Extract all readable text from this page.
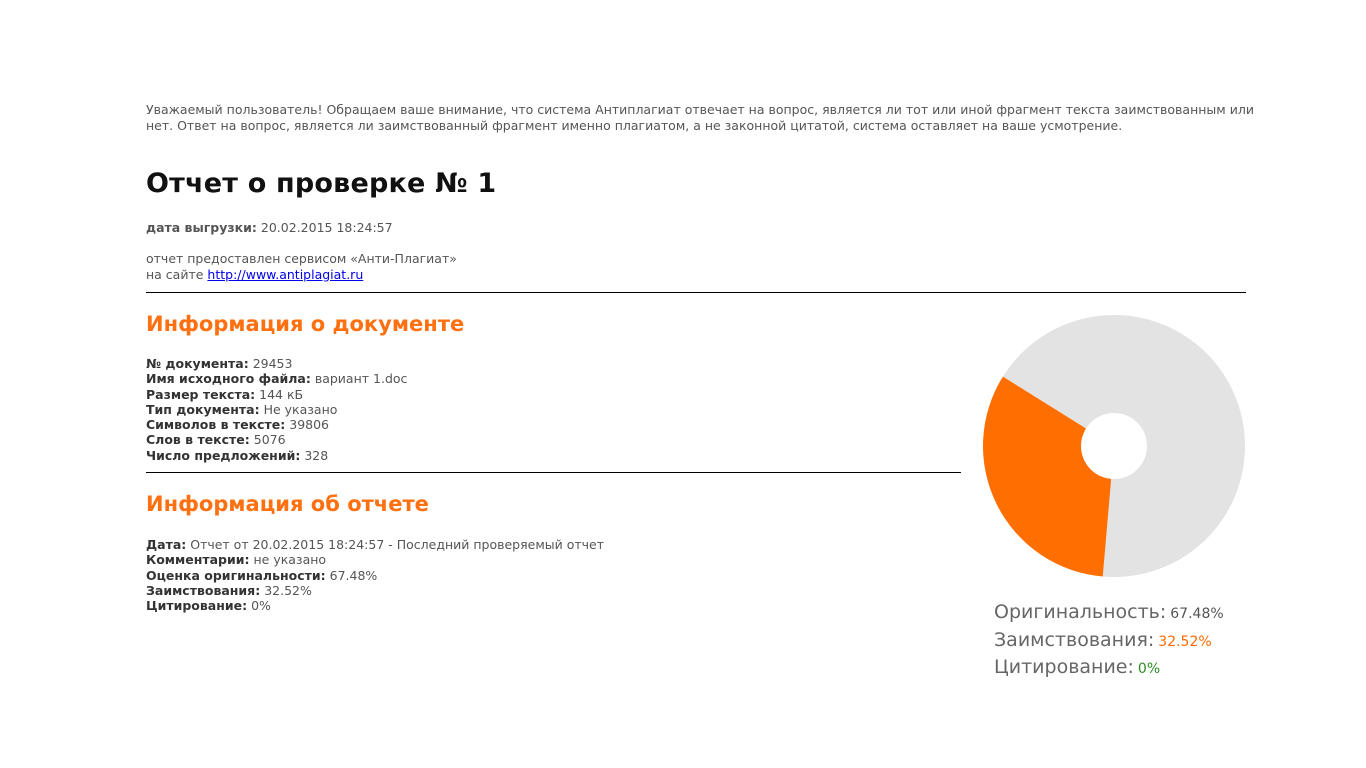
Уважаемый пользователь! Обращаем ваше внимание, что система Антиплагиат отвечает на вопрос, является ли тот или иной фрагмент текста заимствованным или нет. Ответ на вопрос, является ли заимствованный фрагмент именно плагиатом, а не законной цитатой, система оставляет на ваше усмотрение.

Отчет о проверке № 1

дата выгрузки: 20.02.2015 18:24:57

отчет предоставлен сервисом «Анти-Плагиат»
на сайте http://www.antiplagiat.ru

Информация о документе
№ документа: 29453
Имя исходного файла: вариант 1.doc
Размер текста: 144 кБ
Тип документа: Не указано
Символов в тексте: 39806
Слов в тексте: 5076
Число предложений: 328
Информация об отчете
Дата: Отчет от 20.02.2015 18:24:57 - Последний проверяемый отчет
Комментарии: не указано
Оценка оригинальности: 67.48%
Заимствования: 32.52%
Цитирование: 0%	Оригинальность: 67.48%
Заимствования: 32.52%
Цитирование: 0%
